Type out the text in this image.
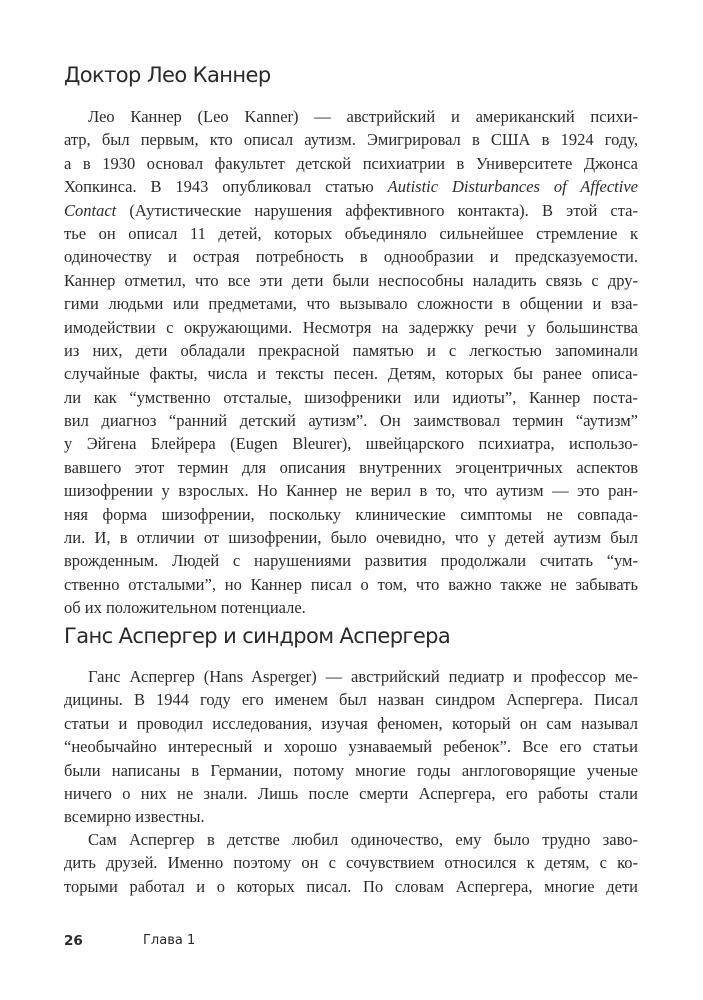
Доктор Лео Каннер
Лео Каннер (Leo Kanner) — австрийский и американский психи-
атр, был первым, кто описал аутизм. Эмигрировал в США в 1924 году,
а в 1930 основал факультет детской психиатрии в Университете Джонса
Хопкинса. В 1943 опубликовал статью Autistic Disturbances of Affective
Contact (Аутистические нарушения аффективного контакта). В этой ста-
тье он описал 11 детей, которых объединяло сильнейшее стремление к
одиночеству и острая потребность в однообразии и предсказуемости.
Каннер отметил, что все эти дети были неспособны наладить связь с дру-
гими людьми или предметами, что вызывало сложности в общении и вза-
имодействии с окружающими. Несмотря на задержку речи у большинства
из них, дети обладали прекрасной памятью и с легкостью запоминали
случайные факты, числа и тексты песен. Детям, которых бы ранее описа-
ли как “умственно отсталые, шизофреники или идиоты”, Каннер поста-
вил диагноз “ранний детский аутизм”. Он заимствовал термин “аутизм”
у Эйгена Блейрера (Eugen Bleurer), швейцарского психиатра, использо-
вавшего этот термин для описания внутренних эгоцентричных аспектов
шизофрении у взрослых. Но Каннер не верил в то, что аутизм — это ран-
няя форма шизофрении, поскольку клинические симптомы не совпада-
ли. И, в отличии от шизофрении, было очевидно, что у детей аутизм был
врожденным. Людей с нарушениями развития продолжали считать “ум-
ственно отсталыми”, но Каннер писал о том, что важно также не забывать
об их положительном потенциале.
Ганс Аспергер и синдром Аспергера
Ганс Аспергер (Hans Asperger) — австрийский педиатр и профессор ме-
дицины. В 1944 году его именем был назван синдром Аспергера. Писал
статьи и проводил исследования, изучая феномен, который он сам называл
“необычайно интересный и хорошо узнаваемый ребенок”. Все его статьи
были написаны в Германии, потому многие годы англоговорящие ученые
ничего о них не знали. Лишь после смерти Аспергера, его работы стали
всемирно известны.
Сам Аспергер в детстве любил одиночество, ему было трудно заво-
дить друзей. Именно поэтому он с сочувствием относился к детям, с ко-
торыми работал и о которых писал. По словам Аспергера, многие дети
26	Глава 1
